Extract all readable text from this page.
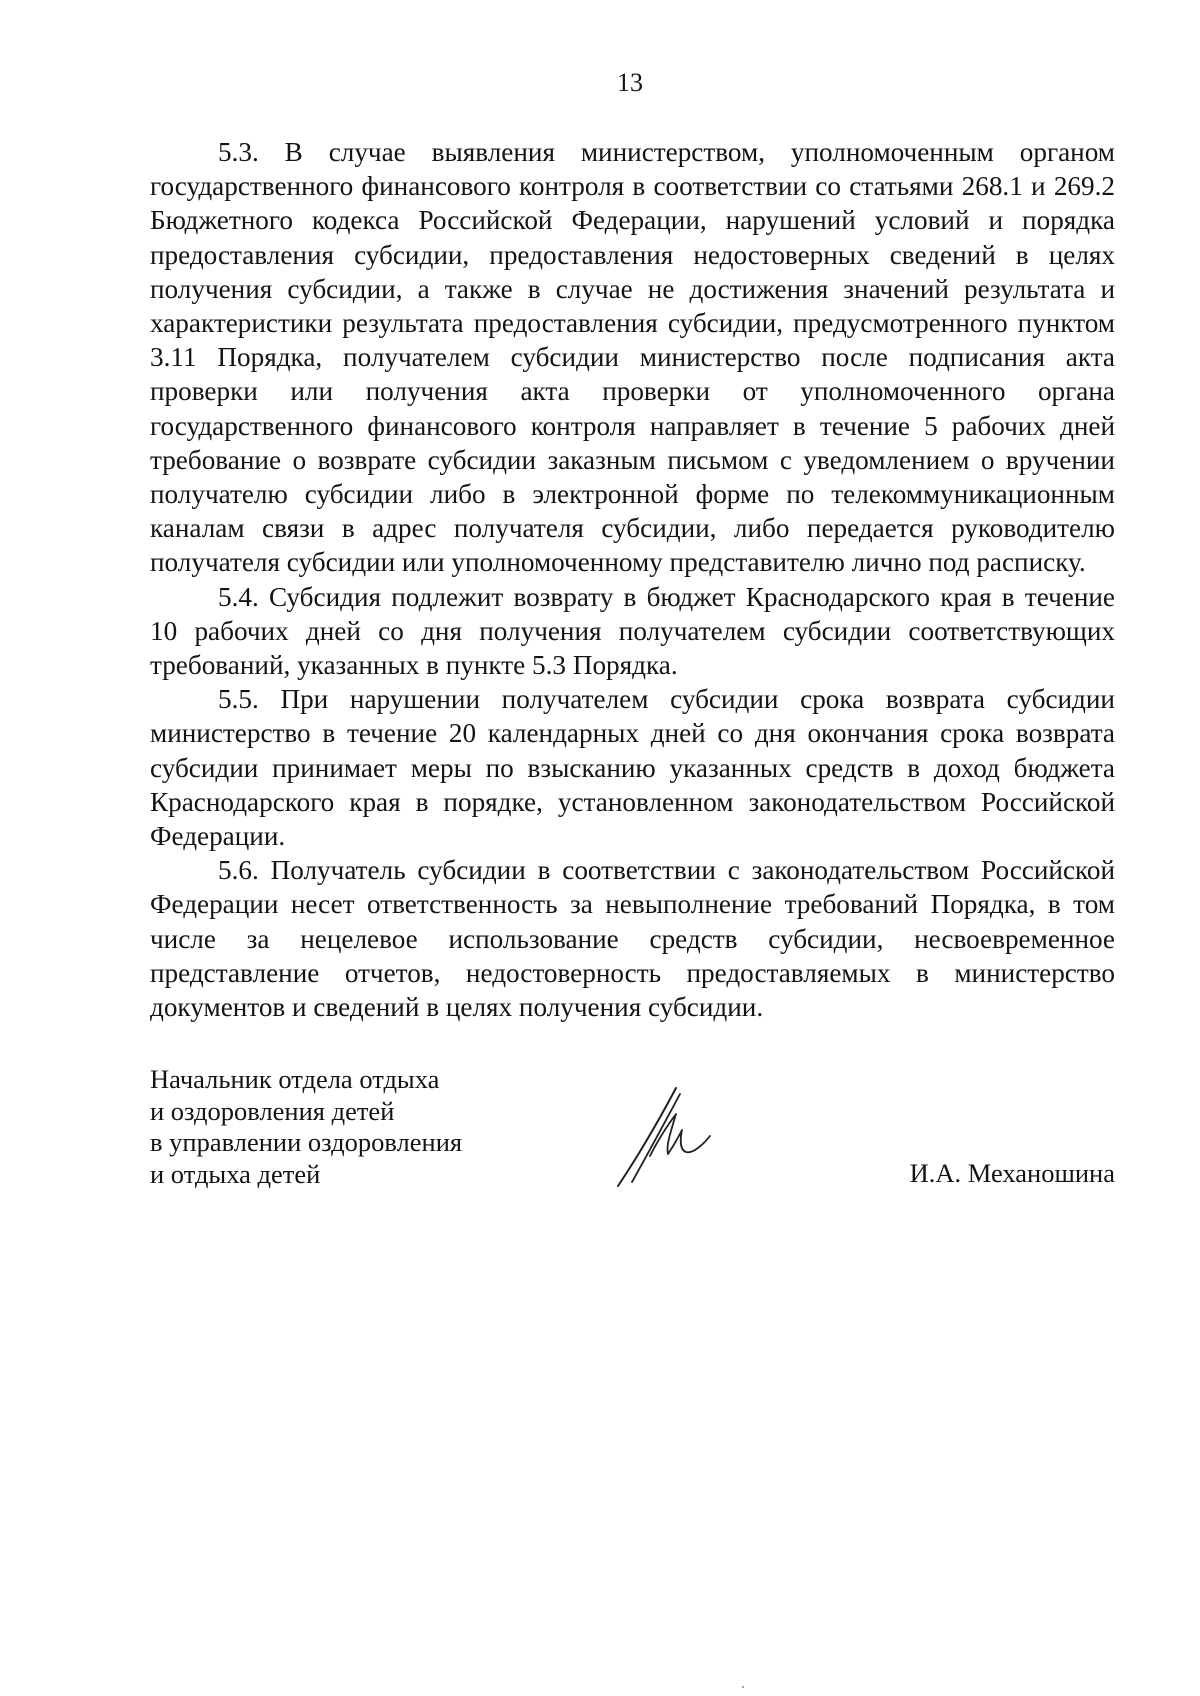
13

5.3. В случае выявления министерством, уполномоченным органом государственного финансового контроля в соответствии со статьями 268.1 и 269.2 Бюджетного кодекса Российской Федерации, нарушений условий и порядка предоставления субсидии, предоставления недостоверных сведений в целях получения субсидии, а также в случае не достижения значений результата и характеристики результата предоставления субсидии, предусмотренного пунктом 3.11 Порядка, получателем субсидии министерство после подписания акта проверки или получения акта проверки от уполномоченного органа государственного финансового контроля направляет в течение 5 рабочих дней требование о возврате субсидии заказным письмом с уведомлением о вручении получателю субсидии либо в электронной форме по телекоммуникационным каналам связи в адрес получателя субсидии, либо передается руководителю получателя субсидии или уполномоченному представителю лично под расписку.

5.4. Субсидия подлежит возврату в бюджет Краснодарского края в течение 10 рабочих дней со дня получения получателем субсидии соответствующих требований, указанных в пункте 5.3 Порядка.

5.5. При нарушении получателем субсидии срока возврата субсидии министерство в течение 20 календарных дней со дня окончания срока возврата субсидии принимает меры по взысканию указанных средств в доход бюджета Краснодарского края в порядке, установленном законодательством Российской Федерации.

5.6. Получатель субсидии в соответствии с законодательством Российской Федерации несет ответственность за невыполнение требований Порядка, в том числе за нецелевое использование средств субсидии, несвоевременное представление отчетов, недостоверность предоставляемых в министерство документов и сведений в целях получения субсидии.

Начальник отдела отдыха
и оздоровления детей
в управлении оздоровления
и отдыха детей	И.А. Механошина
